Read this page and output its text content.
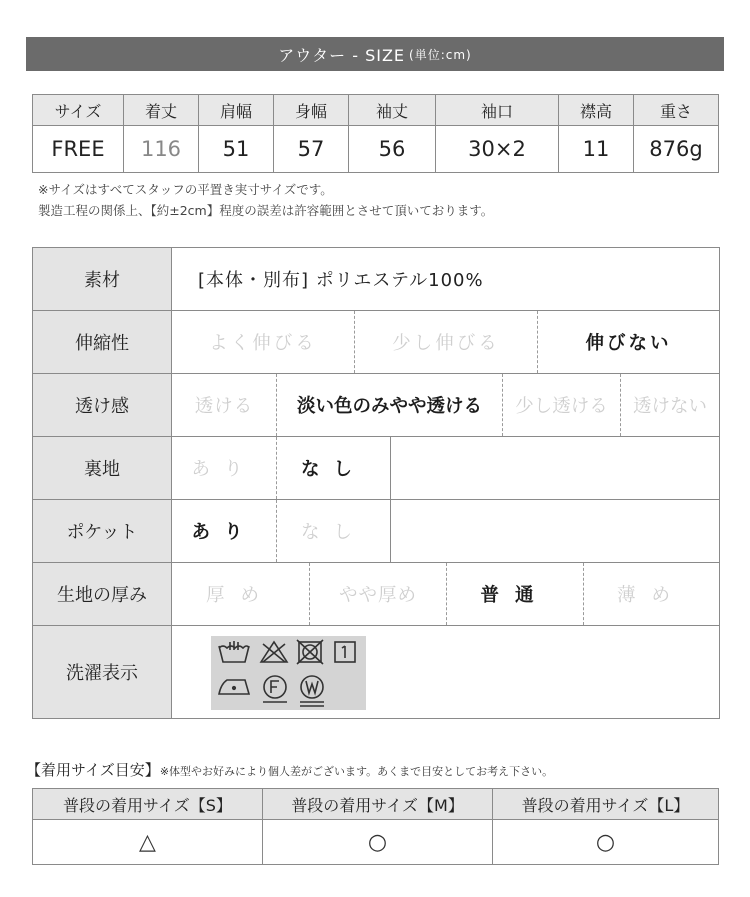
アウター - SIZE (単位:cm)
サイズ	着丈	肩幅	身幅	袖丈	袖口	襟高	重さ
FREE	116	51	57	56	30×2	11	876g
※サイズはすべてスタッフの平置き実寸サイズです。
製造工程の関係上、【約±2cm】程度の誤差は許容範囲とさせて頂いております。
素材	[本体・別布] ポリエステル100%
伸縮性	よく伸びる	少し伸びる	伸びない
透け感	透ける	淡い色のみやや透ける	少し透ける	透けない
裏地	あり	なし
ポケット	あり	なし
生地の厚み	厚め	やや厚め	普通	薄め
洗濯表示
【着用サイズ目安】※体型やお好みにより個人差がございます。あくまで目安としてお考え下さい。
普段の着用サイズ【S】	普段の着用サイズ【M】	普段の着用サイズ【L】
△	○	○
